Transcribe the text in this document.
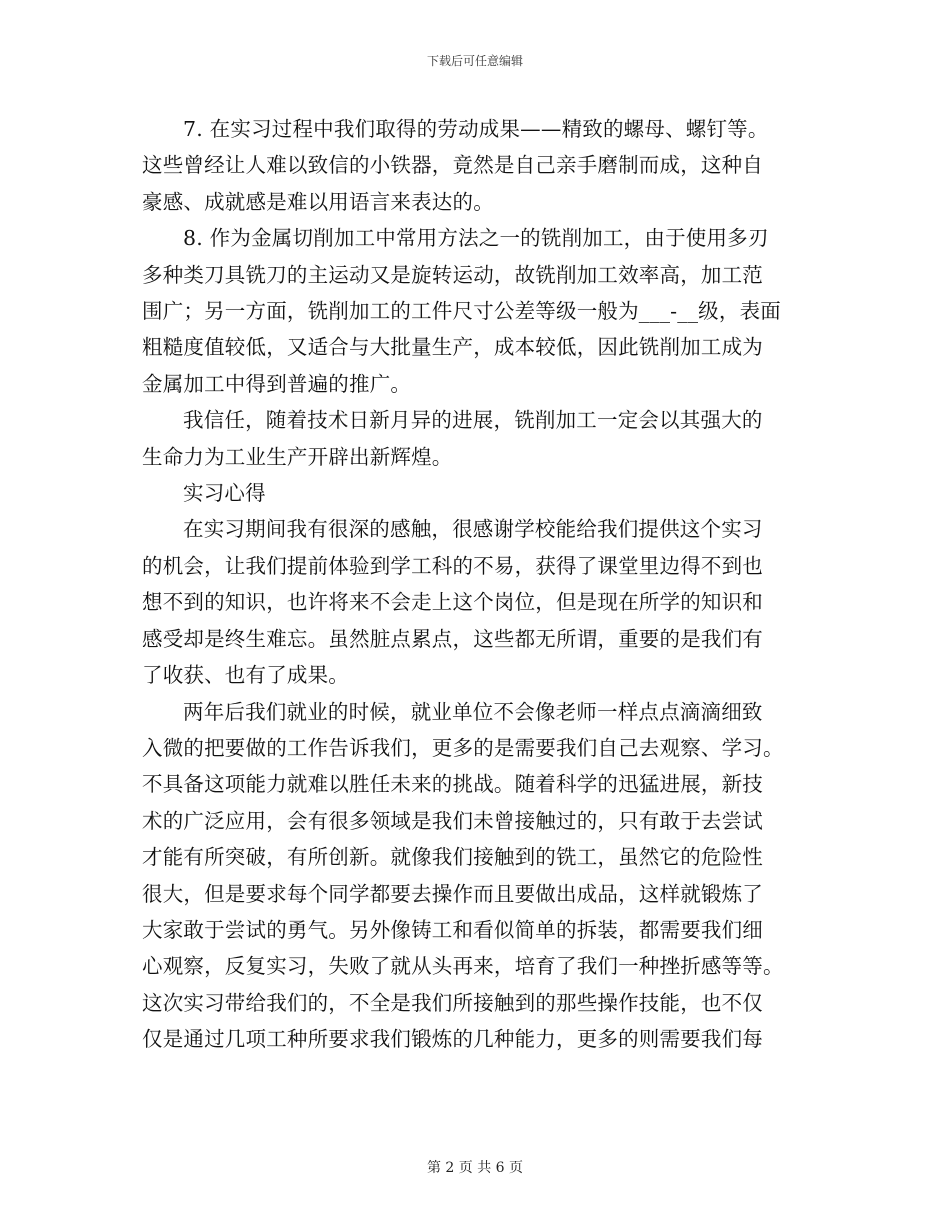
下载后可任意编辑

7. 在实习过程中我们取得的劳动成果——精致的螺母、螺钉等。
这些曾经让人难以致信的小铁器，竟然是自己亲手磨制而成，这种自
豪感、成就感是难以用语言来表达的。

8. 作为金属切削加工中常用方法之一的铣削加工，由于使用多刃
多种类刀具铣刀的主运动又是旋转运动，故铣削加工效率高，加工范
围广；另一方面，铣削加工的工件尺寸公差等级一般为___-__级，表面
粗糙度值较低，又适合与大批量生产，成本较低，因此铣削加工成为
金属加工中得到普遍的推广。

我信任，随着技术日新月异的进展，铣削加工一定会以其强大的
生命力为工业生产开辟出新辉煌。

实习心得

在实习期间我有很深的感触，很感谢学校能给我们提供这个实习
的机会，让我们提前体验到学工科的不易，获得了课堂里边得不到也
想不到的知识，也许将来不会走上这个岗位，但是现在所学的知识和
感受却是终生难忘。虽然脏点累点，这些都无所谓，重要的是我们有
了收获、也有了成果。

两年后我们就业的时候，就业单位不会像老师一样点点滴滴细致
入微的把要做的工作告诉我们，更多的是需要我们自己去观察、学习。
不具备这项能力就难以胜任未来的挑战。随着科学的迅猛进展，新技
术的广泛应用，会有很多领域是我们未曾接触过的，只有敢于去尝试
才能有所突破，有所创新。就像我们接触到的铣工，虽然它的危险性
很大，但是要求每个同学都要去操作而且要做出成品，这样就锻炼了
大家敢于尝试的勇气。另外像铸工和看似简单的拆装，都需要我们细
心观察，反复实习，失败了就从头再来，培育了我们一种挫折感等等。
这次实习带给我们的，不全是我们所接触到的那些操作技能，也不仅
仅是通过几项工种所要求我们锻炼的几种能力，更多的则需要我们每

第 2 页 共 6 页
